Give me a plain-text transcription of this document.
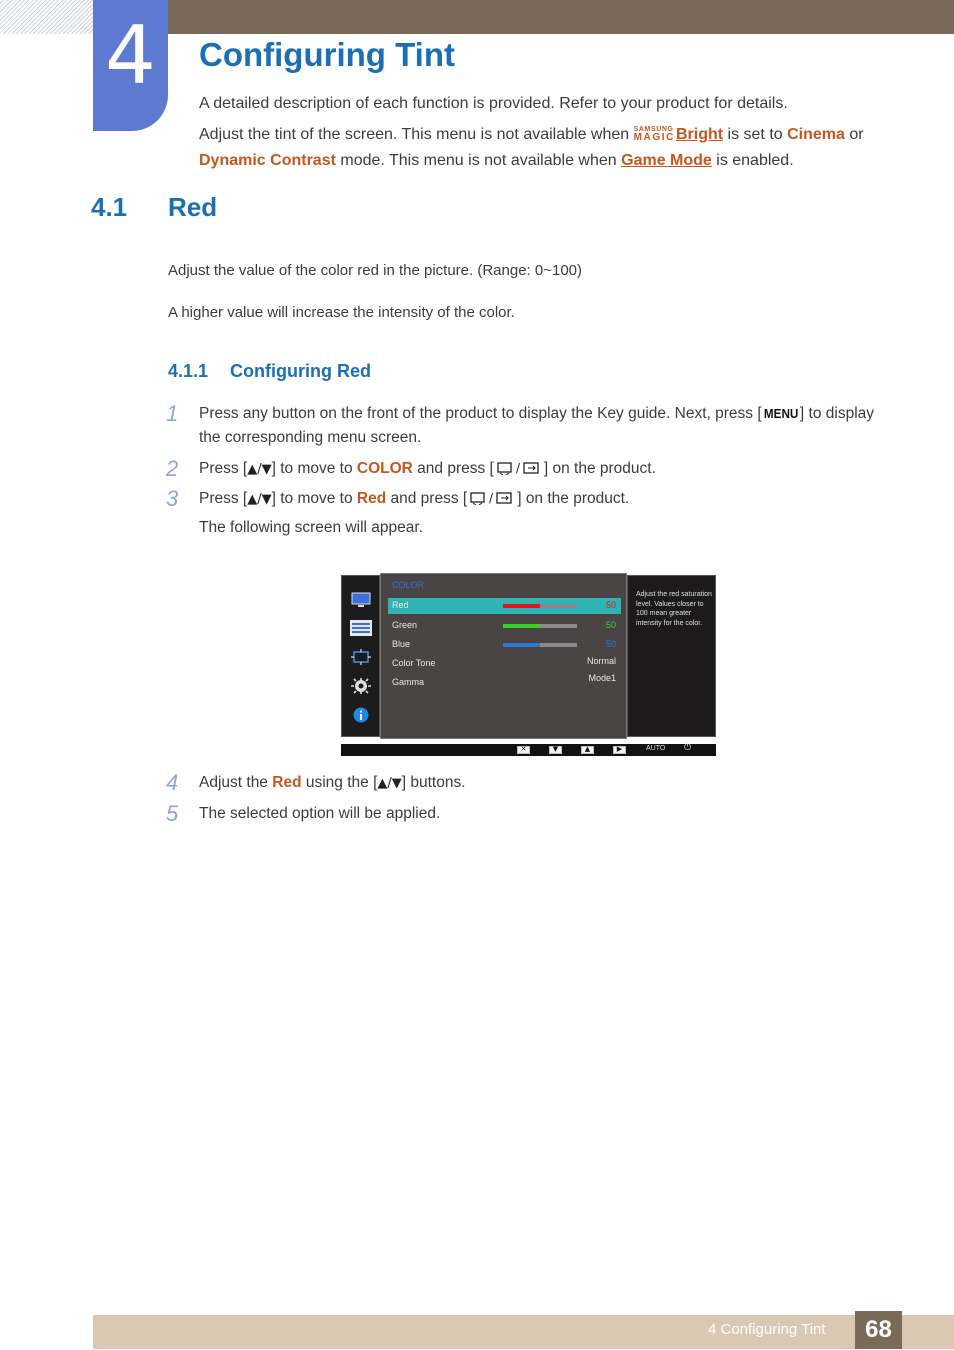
4	Configuring Tint

A detailed description of each function is provided. Refer to your product for details.

Adjust the tint of the screen. This menu is not available when SAMSUNG
MAGIC Bright is set to Cinema or
Dynamic Contrast mode. This menu is not available when Game Mode is enabled.

4.1 Red

Adjust the value of the color red in the picture. (Range: 0~100)

A higher value will increase the intensity of the color.

4.1.1 Configuring Red
1	Press any button on the front of the product to display the Key guide. Next, press [ MENU ] to display the corresponding menu screen.

2	Press [▲/▼] to move to COLOR and press [ / ] on the product.

3	Press [▲/▼] to move to Red and press [ / ] on the product.

The following screen will appear.

COLOR
Red	50
Green	50
Blue	50
Color Tone	Normal
Gamma	Mode1
Adjust the red saturation level. Values closer to 100 mean greater intensity for the color.
✕	▼	▲	▶	AUTO ⏻
4	Adjust the Red using the [▲/▼] buttons.

5	The selected option will be applied.

4 Configuring Tint	68
